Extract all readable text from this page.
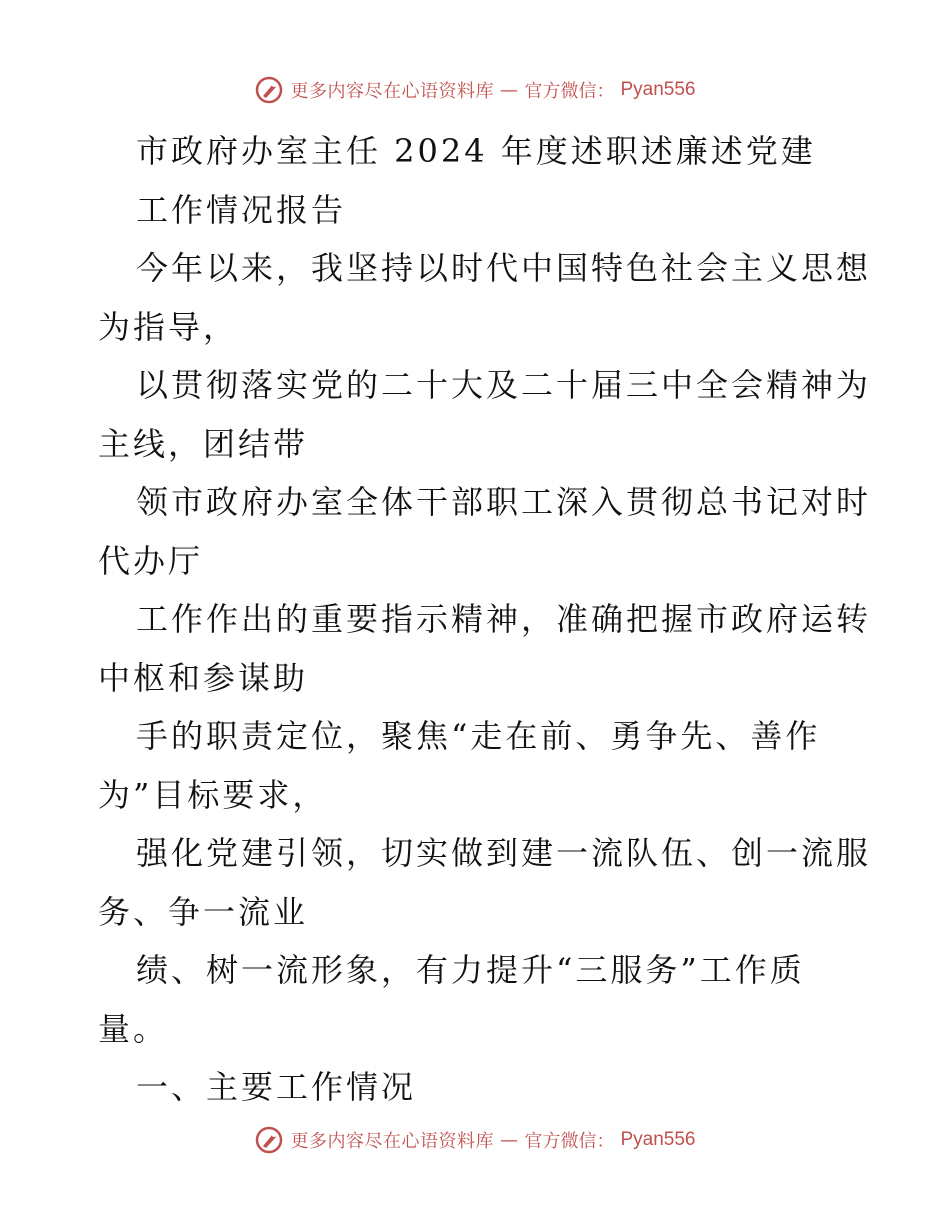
更多内容尽在心语资料库 — 官方微信： Pyan556
市政府办室主任 2024 年度述职述廉述党建
工作情况报告
今年以来，我坚持以时代中国特色社会主义思想
为指导，
以贯彻落实党的二十大及二十届三中全会精神为
主线，团结带
领市政府办室全体干部职工深入贯彻总书记对时
代办厅
工作作出的重要指示精神，准确把握市政府运转
中枢和参谋助
手的职责定位，聚焦“走在前、勇争先、善作
为”目标要求，
强化党建引领，切实做到建一流队伍、创一流服
务、争一流业
绩、树一流形象，有力提升“三服务”工作质
量。
一、主要工作情况
更多内容尽在心语资料库 — 官方微信： Pyan556
